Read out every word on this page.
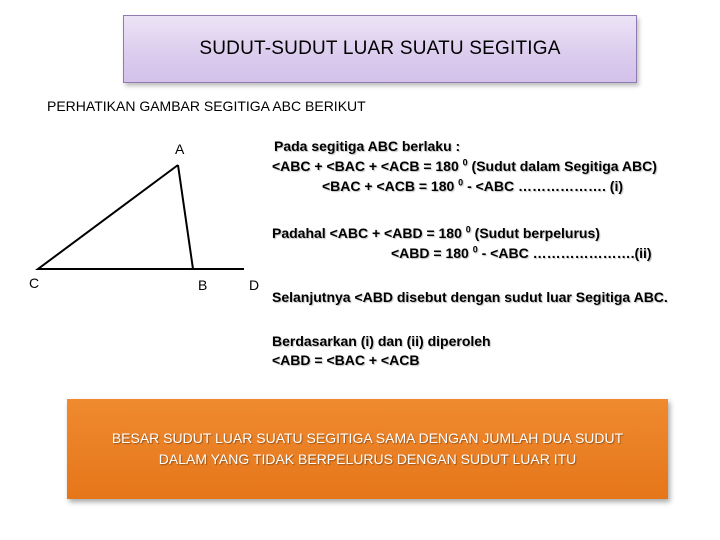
SUDUT-SUDUT LUAR SUATU SEGITIGA
PERHATIKAN GAMBAR SEGITIGA ABC BERIKUT
A
C	B	D
Pada segitiga ABC berlaku :
<ABC + <BAC + <ACB = 180 $^0$ (Sudut dalam Segitiga ABC)
<BAC + <ACB = 180 $^0$ - <ABC ………………. (i)
Padahal <ABC + <ABD = 180 $^0$ (Sudut berpelurus)
<ABD = 180 $^0$ - <ABC ………………….(ii)
Selanjutnya <ABD disebut dengan sudut luar Segitiga ABC.
Berdasarkan (i) dan (ii) diperoleh
<ABD = <BAC + <ACB
BESAR SUDUT LUAR SUATU SEGITIGA SAMA DENGAN JUMLAH DUA SUDUT
DALAM YANG TIDAK BERPELURUS DENGAN SUDUT LUAR ITU
